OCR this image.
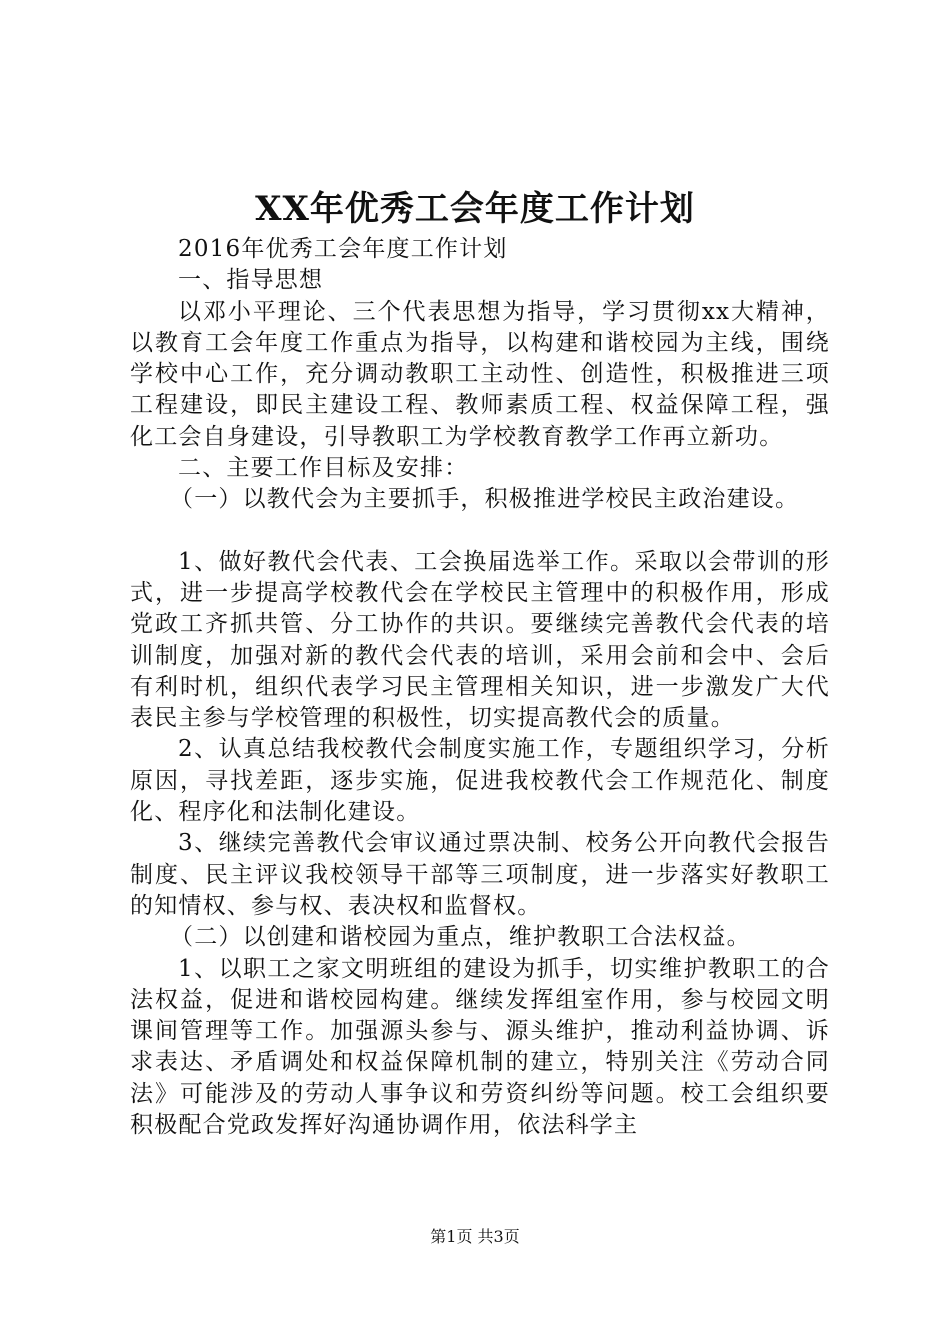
XX年优秀工会年度工作计划

2016年优秀工会年度工作计划

一、指导思想

以邓小平理论、三个代表思想为指导，学习贯彻xx大精神，以教育工会年度工作重点为指导，以构建和谐校园为主线，围绕学校中心工作，充分调动教职工主动性、创造性，积极推进三项工程建设，即民主建设工程、教师素质工程、权益保障工程，强化工会自身建设，引导教职工为学校教育教学工作再立新功。

二、主要工作目标及安排：

（一）以教代会为主要抓手，积极推进学校民主政治建设。

1、做好教代会代表、工会换届选举工作。采取以会带训的形式，进一步提高学校教代会在学校民主管理中的积极作用，形成党政工齐抓共管、分工协作的共识。要继续完善教代会代表的培训制度，加强对新的教代会代表的培训，采用会前和会中、会后有利时机，组织代表学习民主管理相关知识，进一步激发广大代表民主参与学校管理的积极性，切实提高教代会的质量。

2、认真总结我校教代会制度实施工作，专题组织学习，分析原因，寻找差距，逐步实施，促进我校教代会工作规范化、制度化、程序化和法制化建设。

3、继续完善教代会审议通过票决制、校务公开向教代会报告制度、民主评议我校领导干部等三项制度，进一步落实好教职工的知情权、参与权、表决权和监督权。

（二）以创建和谐校园为重点，维护教职工合法权益。

1、以职工之家文明班组的建设为抓手，切实维护教职工的合法权益，促进和谐校园构建。继续发挥组室作用，参与校园文明课间管理等工作。加强源头参与、源头维护，推动利益协调、诉求表达、矛盾调处和权益保障机制的建立，特别关注《劳动合同法》可能涉及的劳动人事争议和劳资纠纷等问题。校工会组织要积极配合党政发挥好沟通协调作用，依法科学主

第1页 共3页
